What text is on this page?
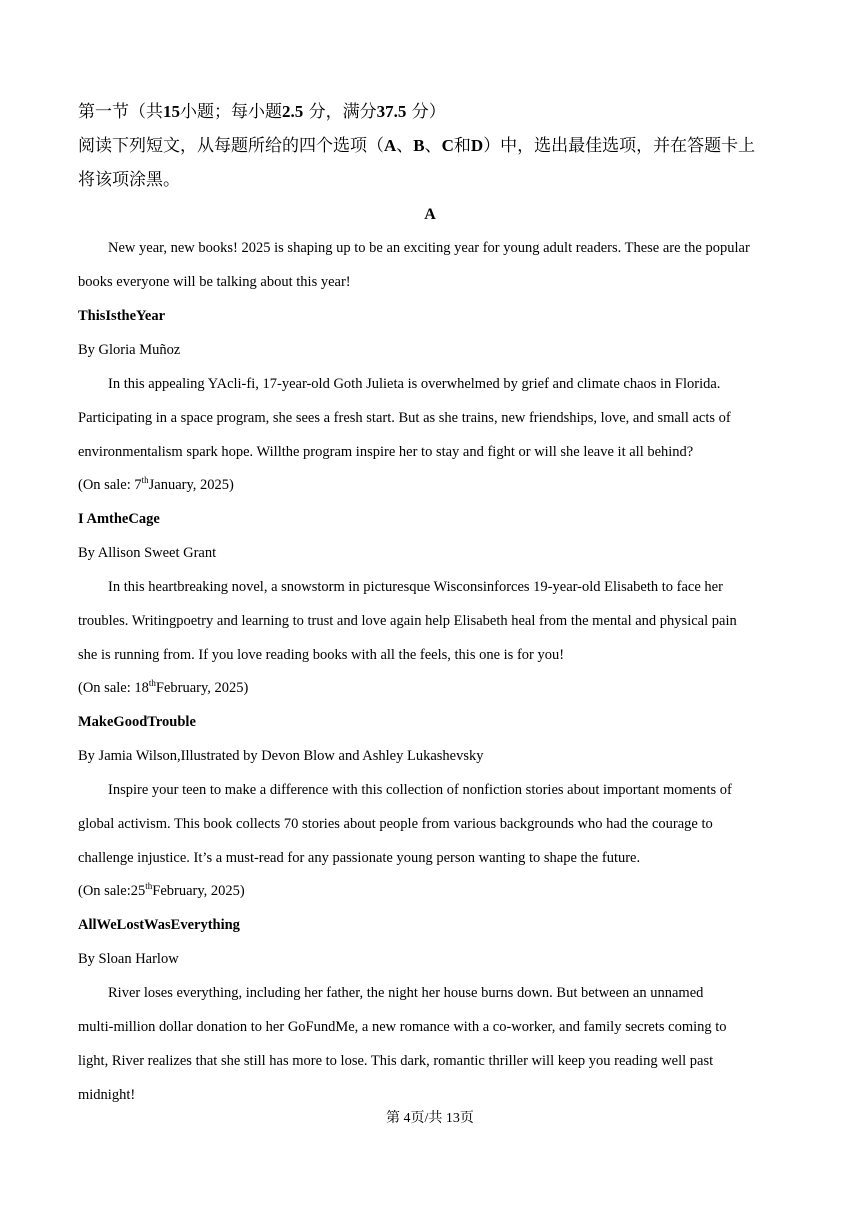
第一节（共15小题；每小题2.5 分，满分37.5 分）
阅读下列短文，从每题所给的四个选项（A、B、C和D）中，选出最佳选项，并在答题卡上
将该项涂黑。
A
New year, new books! 2025 is shaping up to be an exciting year for young adult readers. These are the popular
books everyone will be talking about this year!
ThisIstheYear
By Gloria Muñoz
In this appealing YAcli-fi, 17-year-old Goth Julieta is overwhelmed by grief and climate chaos in Florida.
Participating in a space program, she sees a fresh start. But as she trains, new friendships, love, and small acts of
environmentalism spark hope. Willthe program inspire her to stay and fight or will she leave it all behind?
(On sale: 7thJanuary, 2025)
I AmtheCage
By Allison Sweet Grant
In this heartbreaking novel, a snowstorm in picturesque Wisconsinforces 19-year-old Elisabeth to face her
troubles. Writingpoetry and learning to trust and love again help Elisabeth heal from the mental and physical pain
she is running from. If you love reading books with all the feels, this one is for you!
(On sale: 18thFebruary, 2025)
MakeGoodTrouble
By Jamia Wilson,Illustrated by Devon Blow and Ashley Lukashevsky
Inspire your teen to make a difference with this collection of nonfiction stories about important moments of
global activism. This book collects 70 stories about people from various backgrounds who had the courage to
challenge injustice. It’s a must-read for any passionate young person wanting to shape the future.
(On sale:25thFebruary, 2025)
AllWeLostWasEverything
By Sloan Harlow
River loses everything, including her father, the night her house burns down. But between an unnamed
multi-million dollar donation to her GoFundMe, a new romance with a co-worker, and family secrets coming to
light, River realizes that she still has more to lose. This dark, romantic thriller will keep you reading well past
midnight!
第 4页/共 13页
